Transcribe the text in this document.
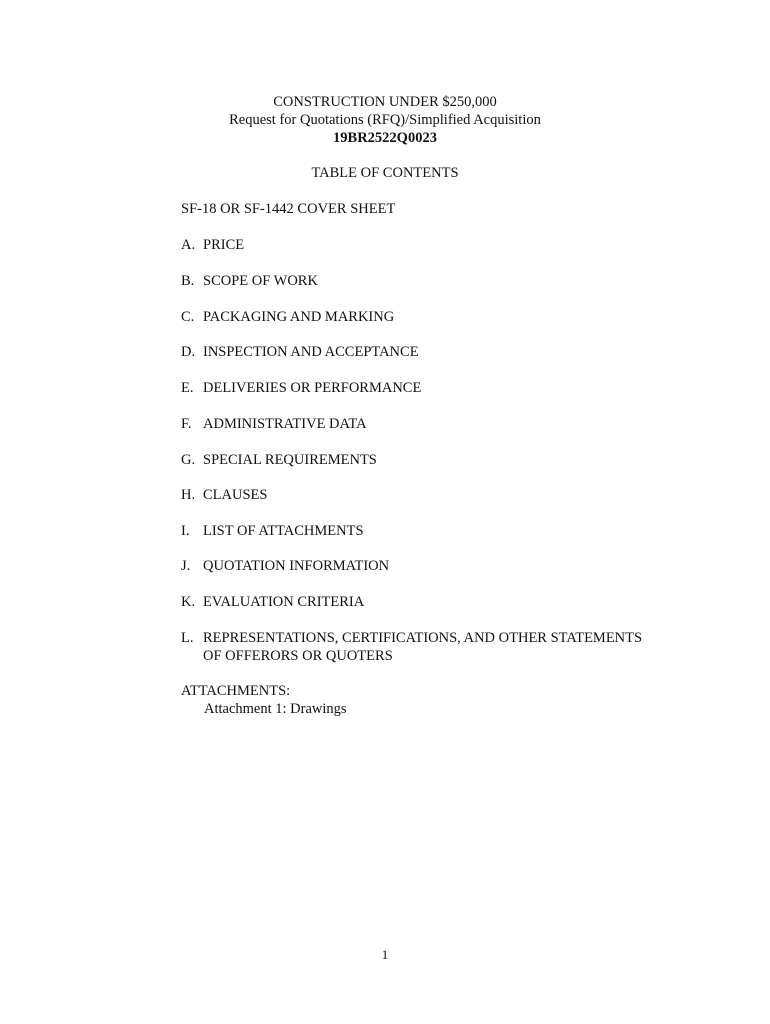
CONSTRUCTION UNDER $250,000
Request for Quotations (RFQ)/Simplified Acquisition
19BR2522Q0023
TABLE OF CONTENTS
SF-18 OR SF-1442 COVER SHEET
A. PRICE
B. SCOPE OF WORK
C. PACKAGING AND MARKING
D. INSPECTION AND ACCEPTANCE
E. DELIVERIES OR PERFORMANCE
F. ADMINISTRATIVE DATA
G. SPECIAL REQUIREMENTS
H. CLAUSES
I. LIST OF ATTACHMENTS
J. QUOTATION INFORMATION
K. EVALUATION CRITERIA
L. REPRESENTATIONS, CERTIFICATIONS, AND OTHER STATEMENTS
OF OFFERORS OR QUOTERS
ATTACHMENTS:
Attachment 1: Drawings
1
